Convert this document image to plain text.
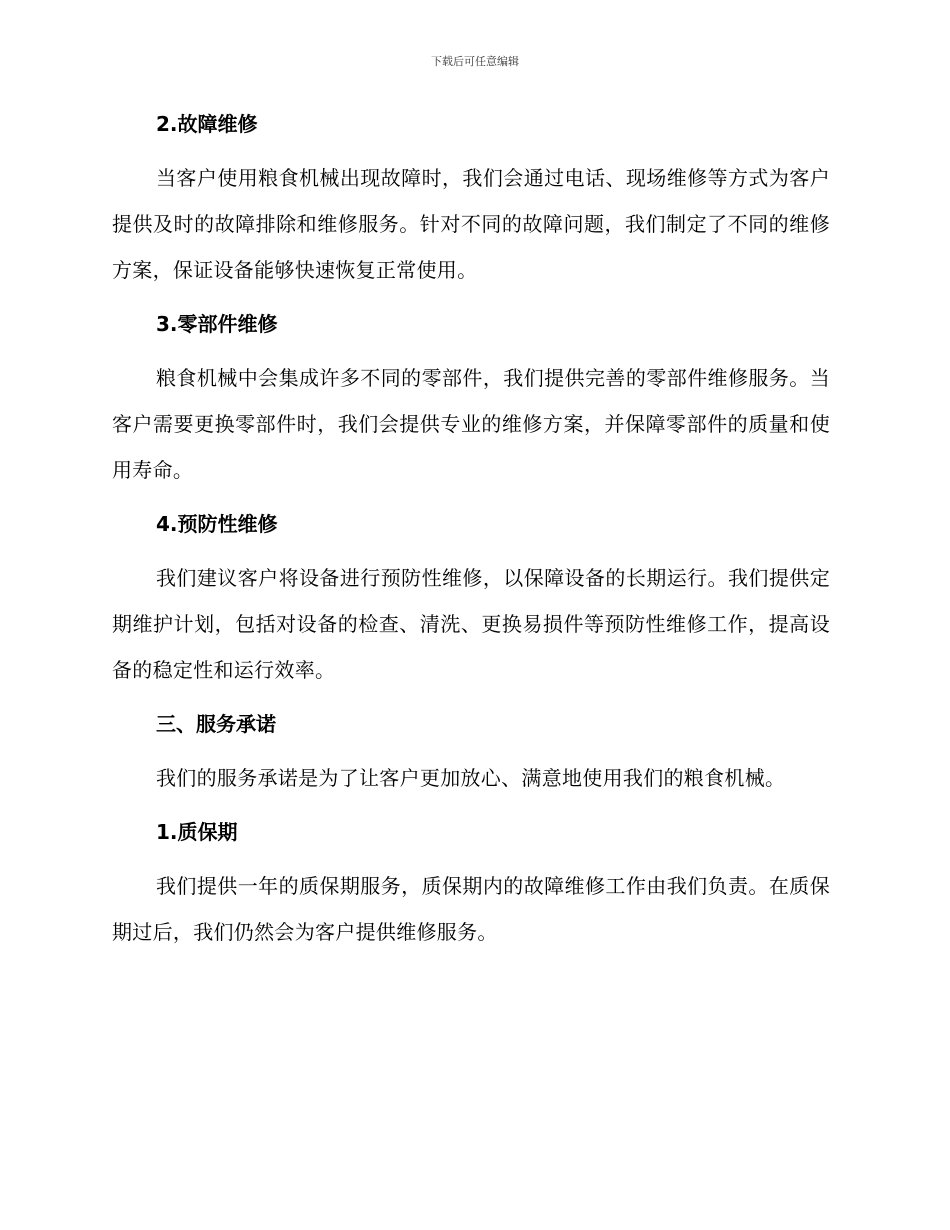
下载后可任意编辑
2.故障维修

当客户使用粮食机械出现故障时，我们会通过电话、现场维修等方式为客户提供及时的故障排除和维修服务。针对不同的故障问题，我们制定了不同的维修方案，保证设备能够快速恢复正常使用。

3.零部件维修

粮食机械中会集成许多不同的零部件，我们提供完善的零部件维修服务。当客户需要更换零部件时，我们会提供专业的维修方案，并保障零部件的质量和使用寿命。

4.预防性维修

我们建议客户将设备进行预防性维修，以保障设备的长期运行。我们提供定期维护计划，包括对设备的检查、清洗、更换易损件等预防性维修工作，提高设备的稳定性和运行效率。

三、服务承诺

我们的服务承诺是为了让客户更加放心、满意地使用我们的粮食机械。

1.质保期

我们提供一年的质保期服务，质保期内的故障维修工作由我们负责。在质保期过后，我们仍然会为客户提供维修服务。
